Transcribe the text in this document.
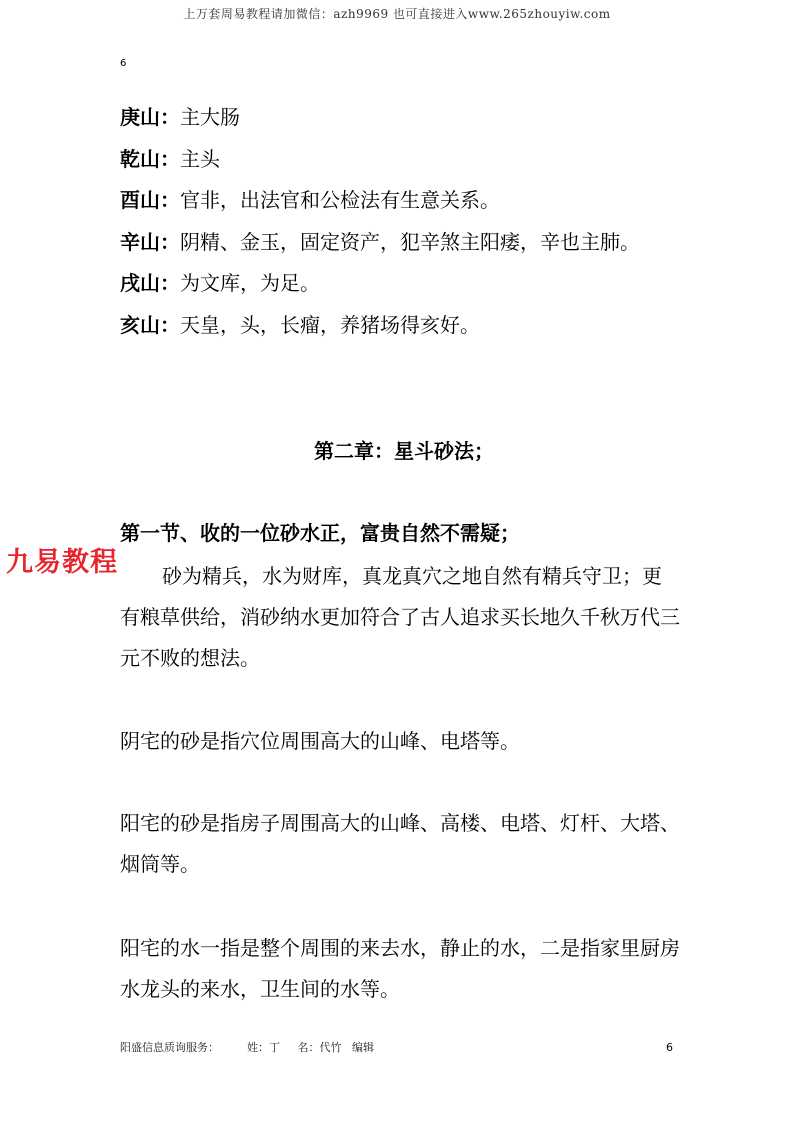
上万套周易教程请加微信：azh9969 也可直接进入www.265zhouyiw.com
6
庚山：主大肠
乾山：主头
酉山：官非，出法官和公检法有生意关系。
辛山：阴精、金玉，固定资产，犯辛煞主阳痿，辛也主肺。
戌山：为文库，为足。
亥山：天皇，头，长瘤，养猪场得亥好。
第二章：星斗砂法；
第一节、收的一位砂水正，富贵自然不需疑；
砂为精兵，水为财库，真龙真穴之地自然有精兵守卫；更有粮草供给，消砂纳水更加符合了古人追求买长地久千秋万代三元不败的想法。
九易教程
阴宅的砂是指穴位周围高大的山峰、电塔等。
阳宅的砂是指房子周围高大的山峰、高楼、电塔、灯杆、大塔、烟筒等。
阳宅的水一指是整个周围的来去水，静止的水，二是指家里厨房水龙头的来水，卫生间的水等。
阳盛信息质询服务：        姓：丁     名：代竹   编辑	6
